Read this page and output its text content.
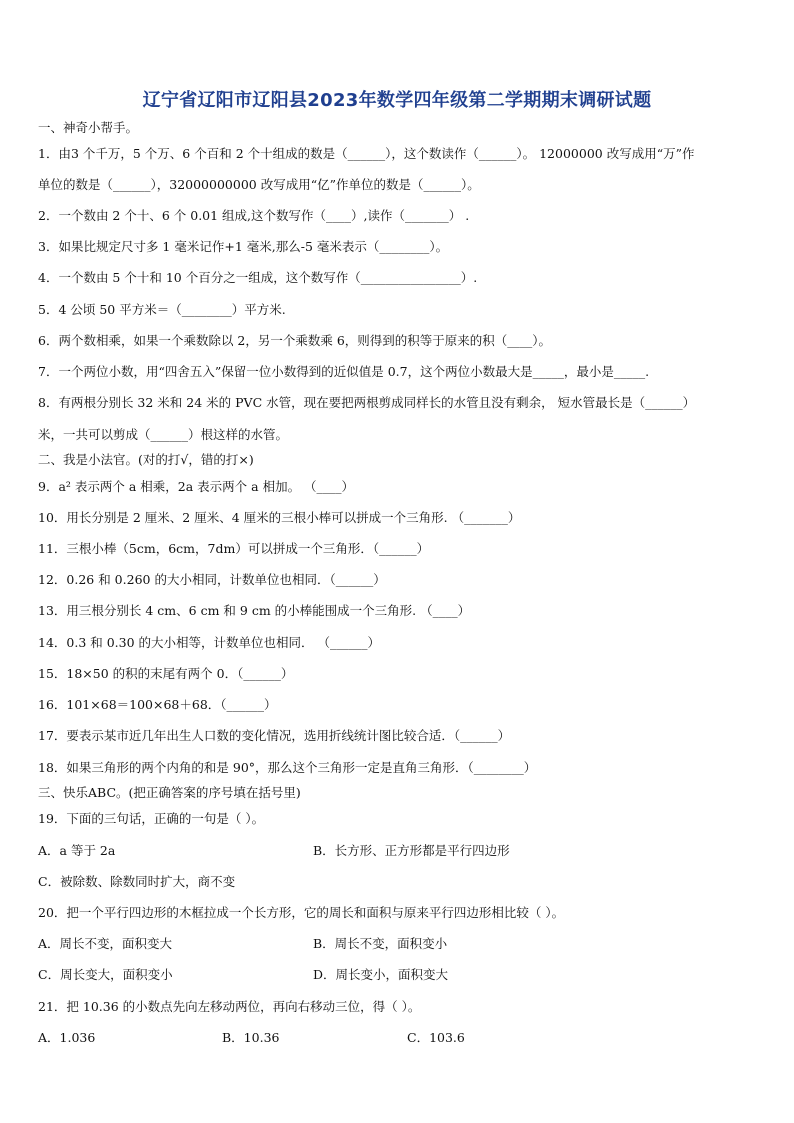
辽宁省辽阳市辽阳县2023年数学四年级第二学期期末调研试题
一、神奇小帮手。
1．由3 个千万，5 个万、6 个百和 2 个十组成的数是（______），这个数读作（______）。 12000000 改写成用“万”作
单位的数是（______），32000000000 改写成用“亿”作单位的数是（______）。
2．一个数由 2 个十、6 个 0.01 组成,这个数写作（____）,读作（_______） .
3．如果比规定尺寸多 1 毫米记作+1 毫米,那么-5 毫米表示（________）。
4．一个数由 5 个十和 10 个百分之一组成，这个数写作（________________）.
5．4 公顷 50 平方米＝（________）平方米.
6．两个数相乘，如果一个乘数除以 2，另一个乘数乘 6，则得到的积等于原来的积（____）。
7．一个两位小数，用“四舍五入”保留一位小数得到的近似值是 0.7，这个两位小数最大是_____，最小是_____.
8．有两根分别长 32 米和 24 米的 PVC 水管，现在要把两根剪成同样长的水管且没有剩余， 短水管最长是（______）
米，一共可以剪成（______）根这样的水管。
二、我是小法官。(对的打√，错的打×)
9．a² 表示两个 a 相乘，2a 表示两个 a 相加。 （____）
10．用长分别是 2 厘米、2 厘米、4 厘米的三根小棒可以拼成一个三角形. （_______）
11．三根小棒（5cm，6cm，7dm）可以拼成一个三角形．（______）
12．0.26 和 0.260 的大小相同，计数单位也相同．（______）
13．用三根分别长 4 cm、6 cm 和 9 cm 的小棒能围成一个三角形. （____）
14．0.3 和 0.30 的大小相等，计数单位也相同． （______）
15．18×50 的积的末尾有两个 0．（______）
16．101×68＝100×68＋68．（______）
17．要表示某市近几年出生人口数的变化情况，选用折线统计图比较合适．（______）
18．如果三角形的两个内角的和是 90°，那么这个三角形一定是直角三角形．（________）
三、快乐ABC。(把正确答案的序号填在括号里)
19．下面的三句话，正确的一句是（ ）。
A．a 等于 2a	B．长方形、正方形都是平行四边形
C．被除数、除数同时扩大，商不变
20．把一个平行四边形的木框拉成一个长方形，它的周长和面积与原来平行四边形相比较（ ）。
A．周长不变，面积变大	B．周长不变，面积变小
C．周长变大，面积变小	D．周长变小，面积变大
21．把 10.36 的小数点先向左移动两位，再向右移动三位，得（ ）。
A．1.036	B．10.36	C．103.6
